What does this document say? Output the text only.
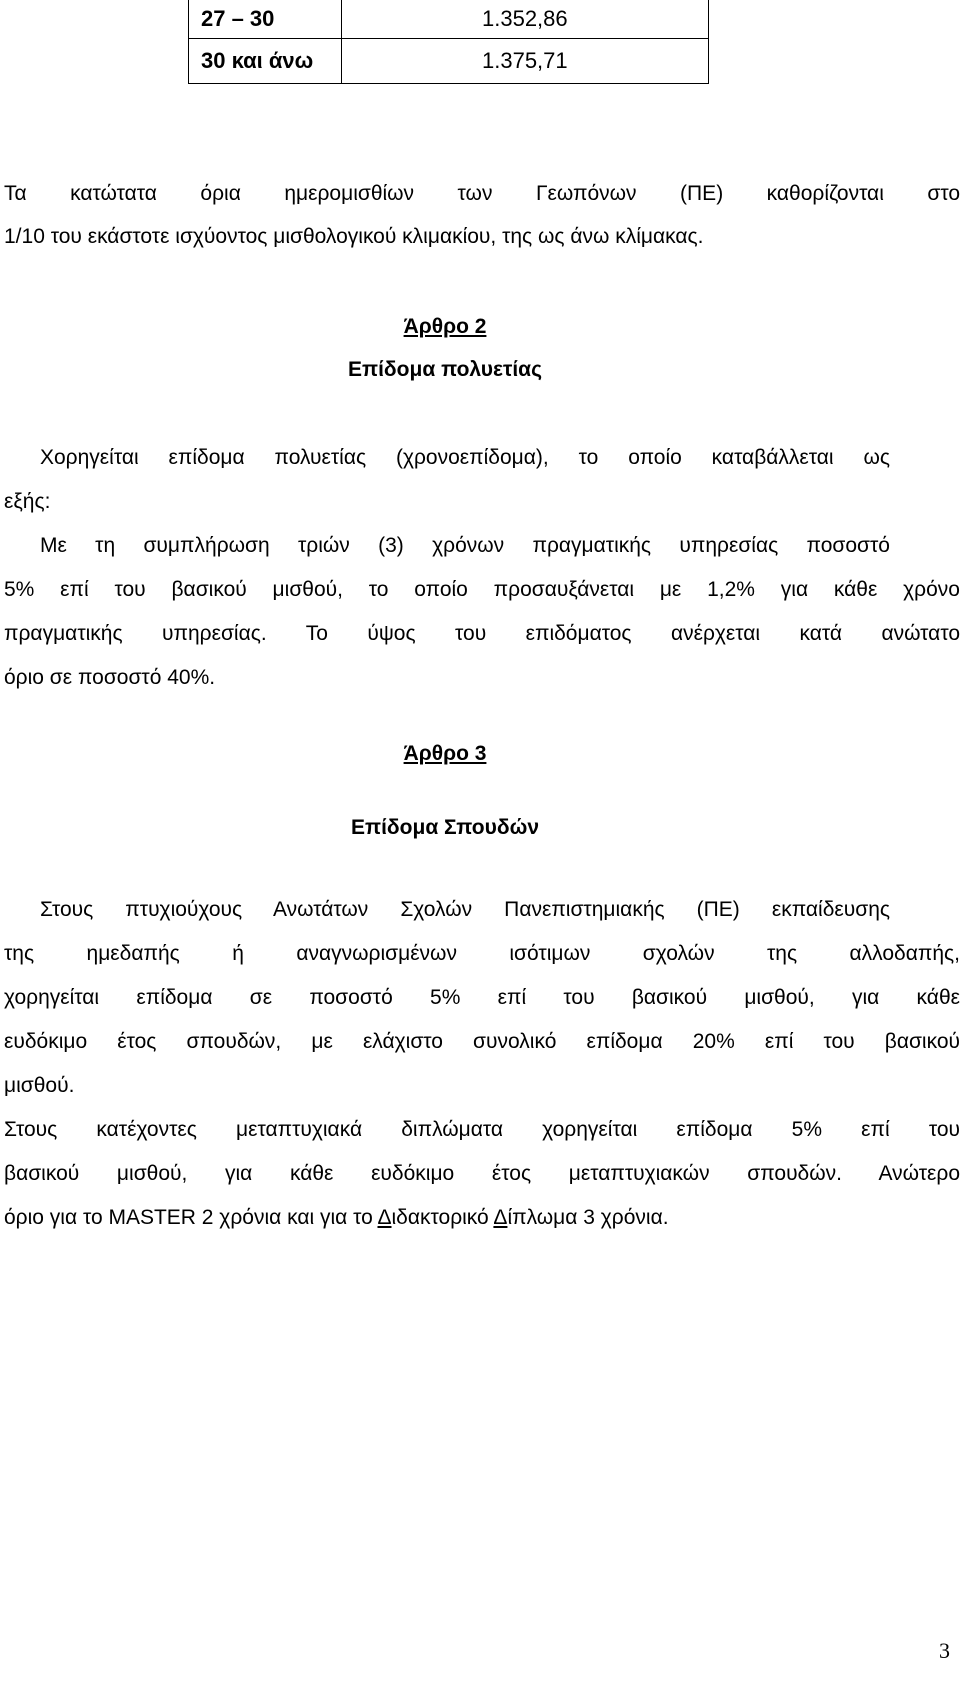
27 – 30	1.352,86
30 και άνω	1.375,71
Τα κατώτατα όρια ημερομισθίων των Γεωπόνων (ΠΕ) καθορίζονται στο
1/10 του εκάστοτε ισχύοντος μισθολογικού κλιμακίου, της ως άνω κλίμακας.
Άρθρο 2
Επίδομα πολυετίας
Χορηγείται επίδομα πολυετίας (χρονοεπίδομα), το οποίο καταβάλλεται ως
εξής:
Με τη συμπλήρωση τριών (3) χρόνων πραγματικής υπηρεσίας ποσοστό
5% επί του βασικού μισθού, το οποίο προσαυξάνεται με 1,2% για κάθε χρόνο
πραγματικής υπηρεσίας. Το ύψος του επιδόματος ανέρχεται κατά ανώτατο
όριο σε ποσοστό 40%.
Άρθρο 3
Επίδομα Σπουδών
Στους πτυχιούχους Ανωτάτων Σχολών Πανεπιστημιακής (ΠΕ) εκπαίδευσης
της ημεδαπής ή αναγνωρισμένων ισότιμων σχολών της αλλοδαπής,
χορηγείται επίδομα σε ποσοστό 5% επί του βασικού μισθού, για κάθε
ευδόκιμο έτος σπουδών, με ελάχιστο συνολικό επίδομα 20% επί του βασικού
μισθού.
Στους κατέχοντες μεταπτυχιακά διπλώματα χορηγείται επίδομα 5% επί του
βασικού μισθού, για κάθε ευδόκιμο έτος μεταπτυχιακών σπουδών. Ανώτερο
όριο για το MASTER 2 χρόνια και για το Διδακτορικό Δίπλωμα 3 χρόνια.
3
